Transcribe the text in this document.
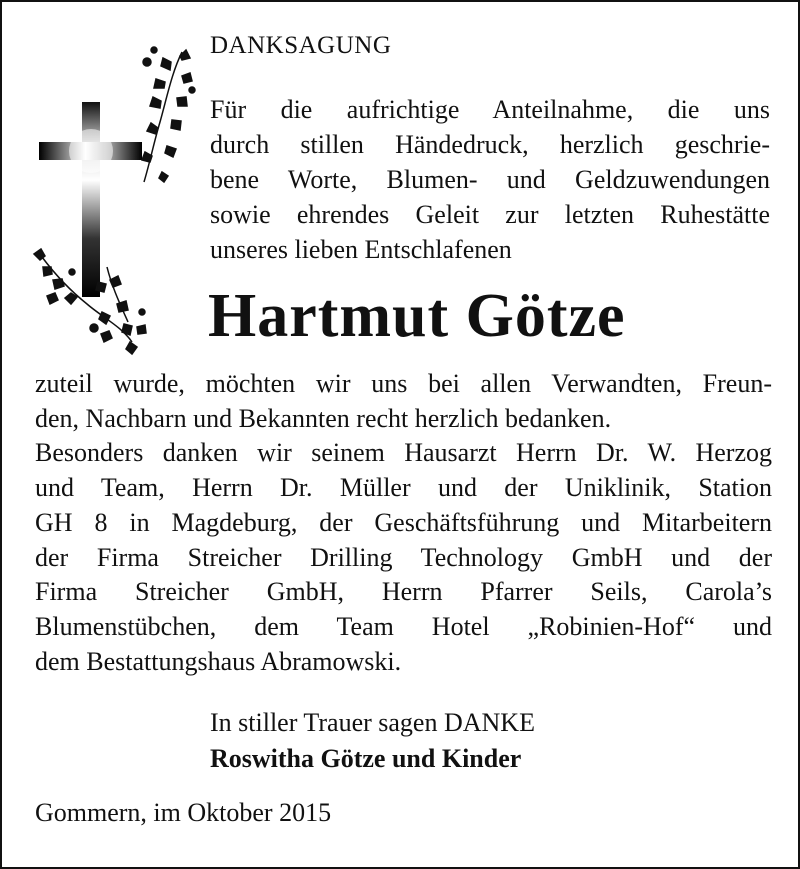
DANKSAGUNG
Für die aufrichtige Anteilnahme, die uns
durch stillen Händedruck, herzlich geschrie-
bene Worte, Blumen- und Geldzuwendungen
sowie ehrendes Geleit zur letzten Ruhestätte
unseres lieben Entschlafenen
Hartmut Götze
zuteil wurde, möchten wir uns bei allen Verwandten, Freun-
den, Nachbarn und Bekannten recht herzlich bedanken.
Besonders danken wir seinem Hausarzt Herrn Dr. W. Herzog
und Team, Herrn Dr. Müller und der Uniklinik, Station
GH 8 in Magdeburg, der Geschäftsführung und Mitarbeitern
der Firma Streicher Drilling Technology GmbH und der
Firma Streicher GmbH, Herrn Pfarrer Seils, Carola’s
Blumenstübchen, dem Team Hotel „Robinien-Hof“ und
dem Bestattungshaus Abramowski.
In stiller Trauer sagen DANKE
Roswitha Götze und Kinder
Gommern, im Oktober 2015
